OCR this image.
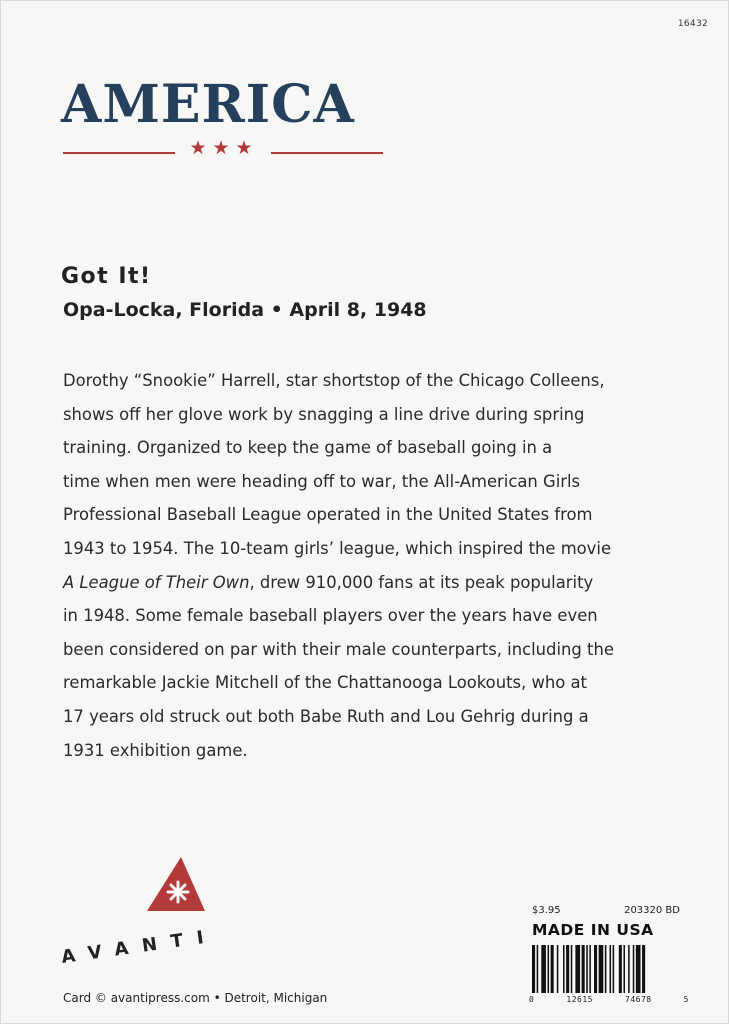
16432
AMERICA
★★★
Got It!
Opa-Locka, Florida • April 8, 1948
Dorothy “Snookie” Harrell, star shortstop of the Chicago Colleens,
shows off her glove work by snagging a line drive during spring
training. Organized to keep the game of baseball going in a
time when men were heading off to war, the All-American Girls
Professional Baseball League operated in the United States from
1943 to 1954. The 10-team girls’ league, which inspired the movie
A League of Their Own, drew 910,000 fans at its peak popularity
in 1948. Some female baseball players over the years have even
been considered on par with their male counterparts, including the
remarkable Jackie Mitchell of the Chattanooga Lookouts, who at
17 years old struck out both Babe Ruth and Lou Gehrig during a
1931 exhibition game.
AVANTI
Card © avantipress.com • Detroit, Michigan
$3.95	203320 BD
MADE IN USA
0	12615	74678	5
